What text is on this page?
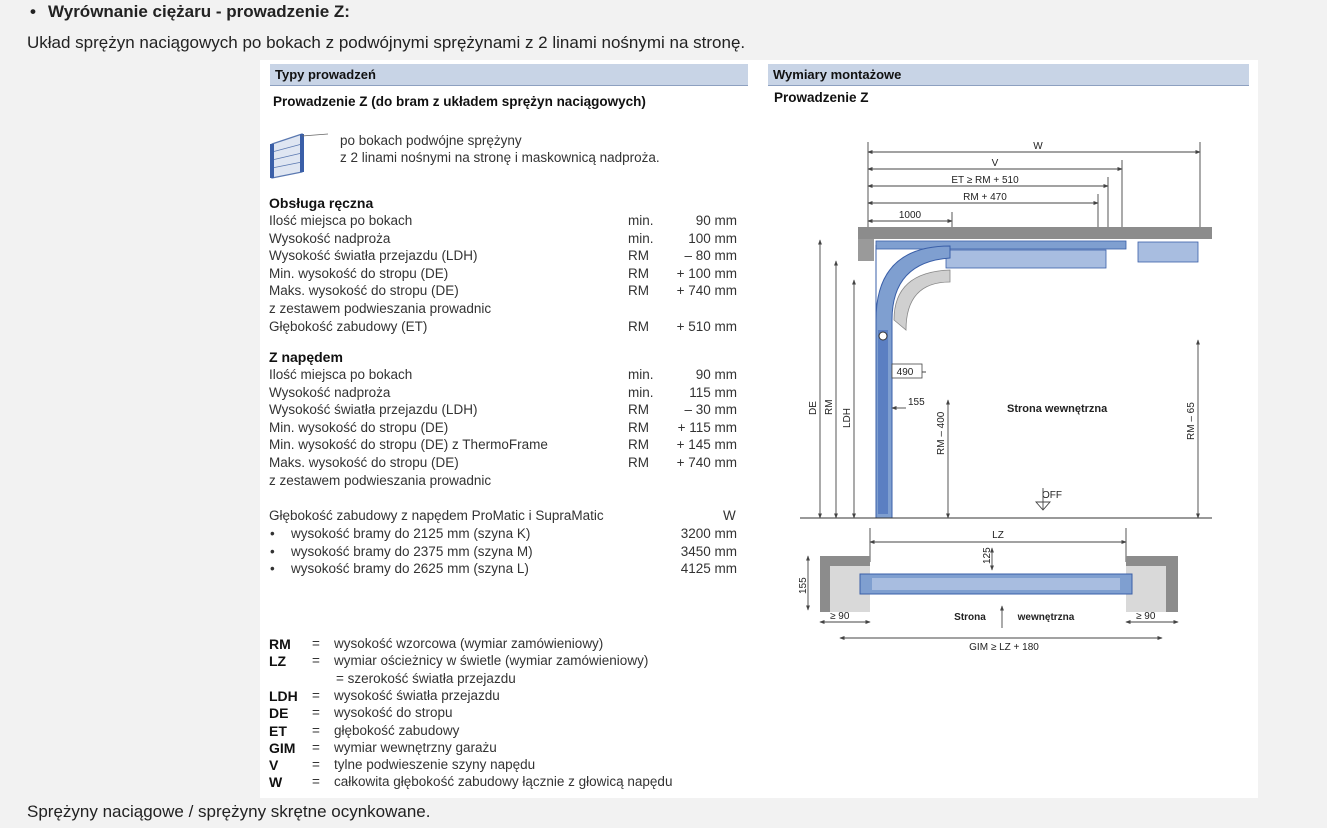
• Wyrównanie ciężaru - prowadzenie Z:
Układ sprężyn naciągowych po bokach z podwójnymi sprężynami z 2 linami nośnymi na stronę.
Typy prowadzeń
Prowadzenie Z (do bram z układem sprężyn naciągowych)
po bokach podwójne sprężyny
z 2 linami nośnymi na stronę i maskownicą nadproża.
Obsługa ręczna
Z napędem
Głębokość zabudowy z napędem ProMatic i SupraMatic	W
Wymiary montażowe
Prowadzenie Z
W
V
ET ≥ RM + 510
RM + 470
1000
490
155
DE RM
LDH	RM – 400	RM – 65
Strona wewnętrzna
OFF
LZ
125
155
≥ 90	≥ 90
Strona	wewnętrzna
GIM ≥ LZ + 180
Ilość miejsca po bokach	min.	90 mm
Wysokość nadproża	min.	100 mm
Wysokość światła przejazdu (LDH)	RM	– 80 mm
Min. wysokość do stropu (DE)	RM + 100 mm
Maks. wysokość do stropu (DE)	RM + 740 mm
z zestawem podwieszania prowadnic
Głębokość zabudowy (ET)	RM + 510 mm
Ilość miejsca po bokach	min.	90 mm
Wysokość nadproża	min.	115 mm
Wysokość światła przejazdu (LDH)	RM	– 30 mm
Min. wysokość do stropu (DE)	RM + 115 mm
Min. wysokość do stropu (DE) z ThermoFrame	RM + 145 mm
Maks. wysokość do stropu (DE)	RM + 740 mm
z zestawem podwieszania prowadnic
• wysokość bramy do 2125 mm (szyna K)	3200 mm
• wysokość bramy do 2375 mm (szyna M)	3450 mm
• wysokość bramy do 2625 mm (szyna L)	4125 mm
RM = wysokość wzorcowa (wymiar zamówieniowy)
LZ = wymiar ościeżnicy w świetle (wymiar zamówieniowy)
= szerokość światła przejazdu
LDH = wysokość światła przejazdu
DE = wysokość do stropu
ET = głębokość zabudowy
GIM = wymiar wewnętrzny garażu
V = tylne podwieszenie szyny napędu
W = całkowita głębokość zabudowy łącznie z głowicą napędu
Sprężyny naciągowe / sprężyny skrętne ocynkowane.
